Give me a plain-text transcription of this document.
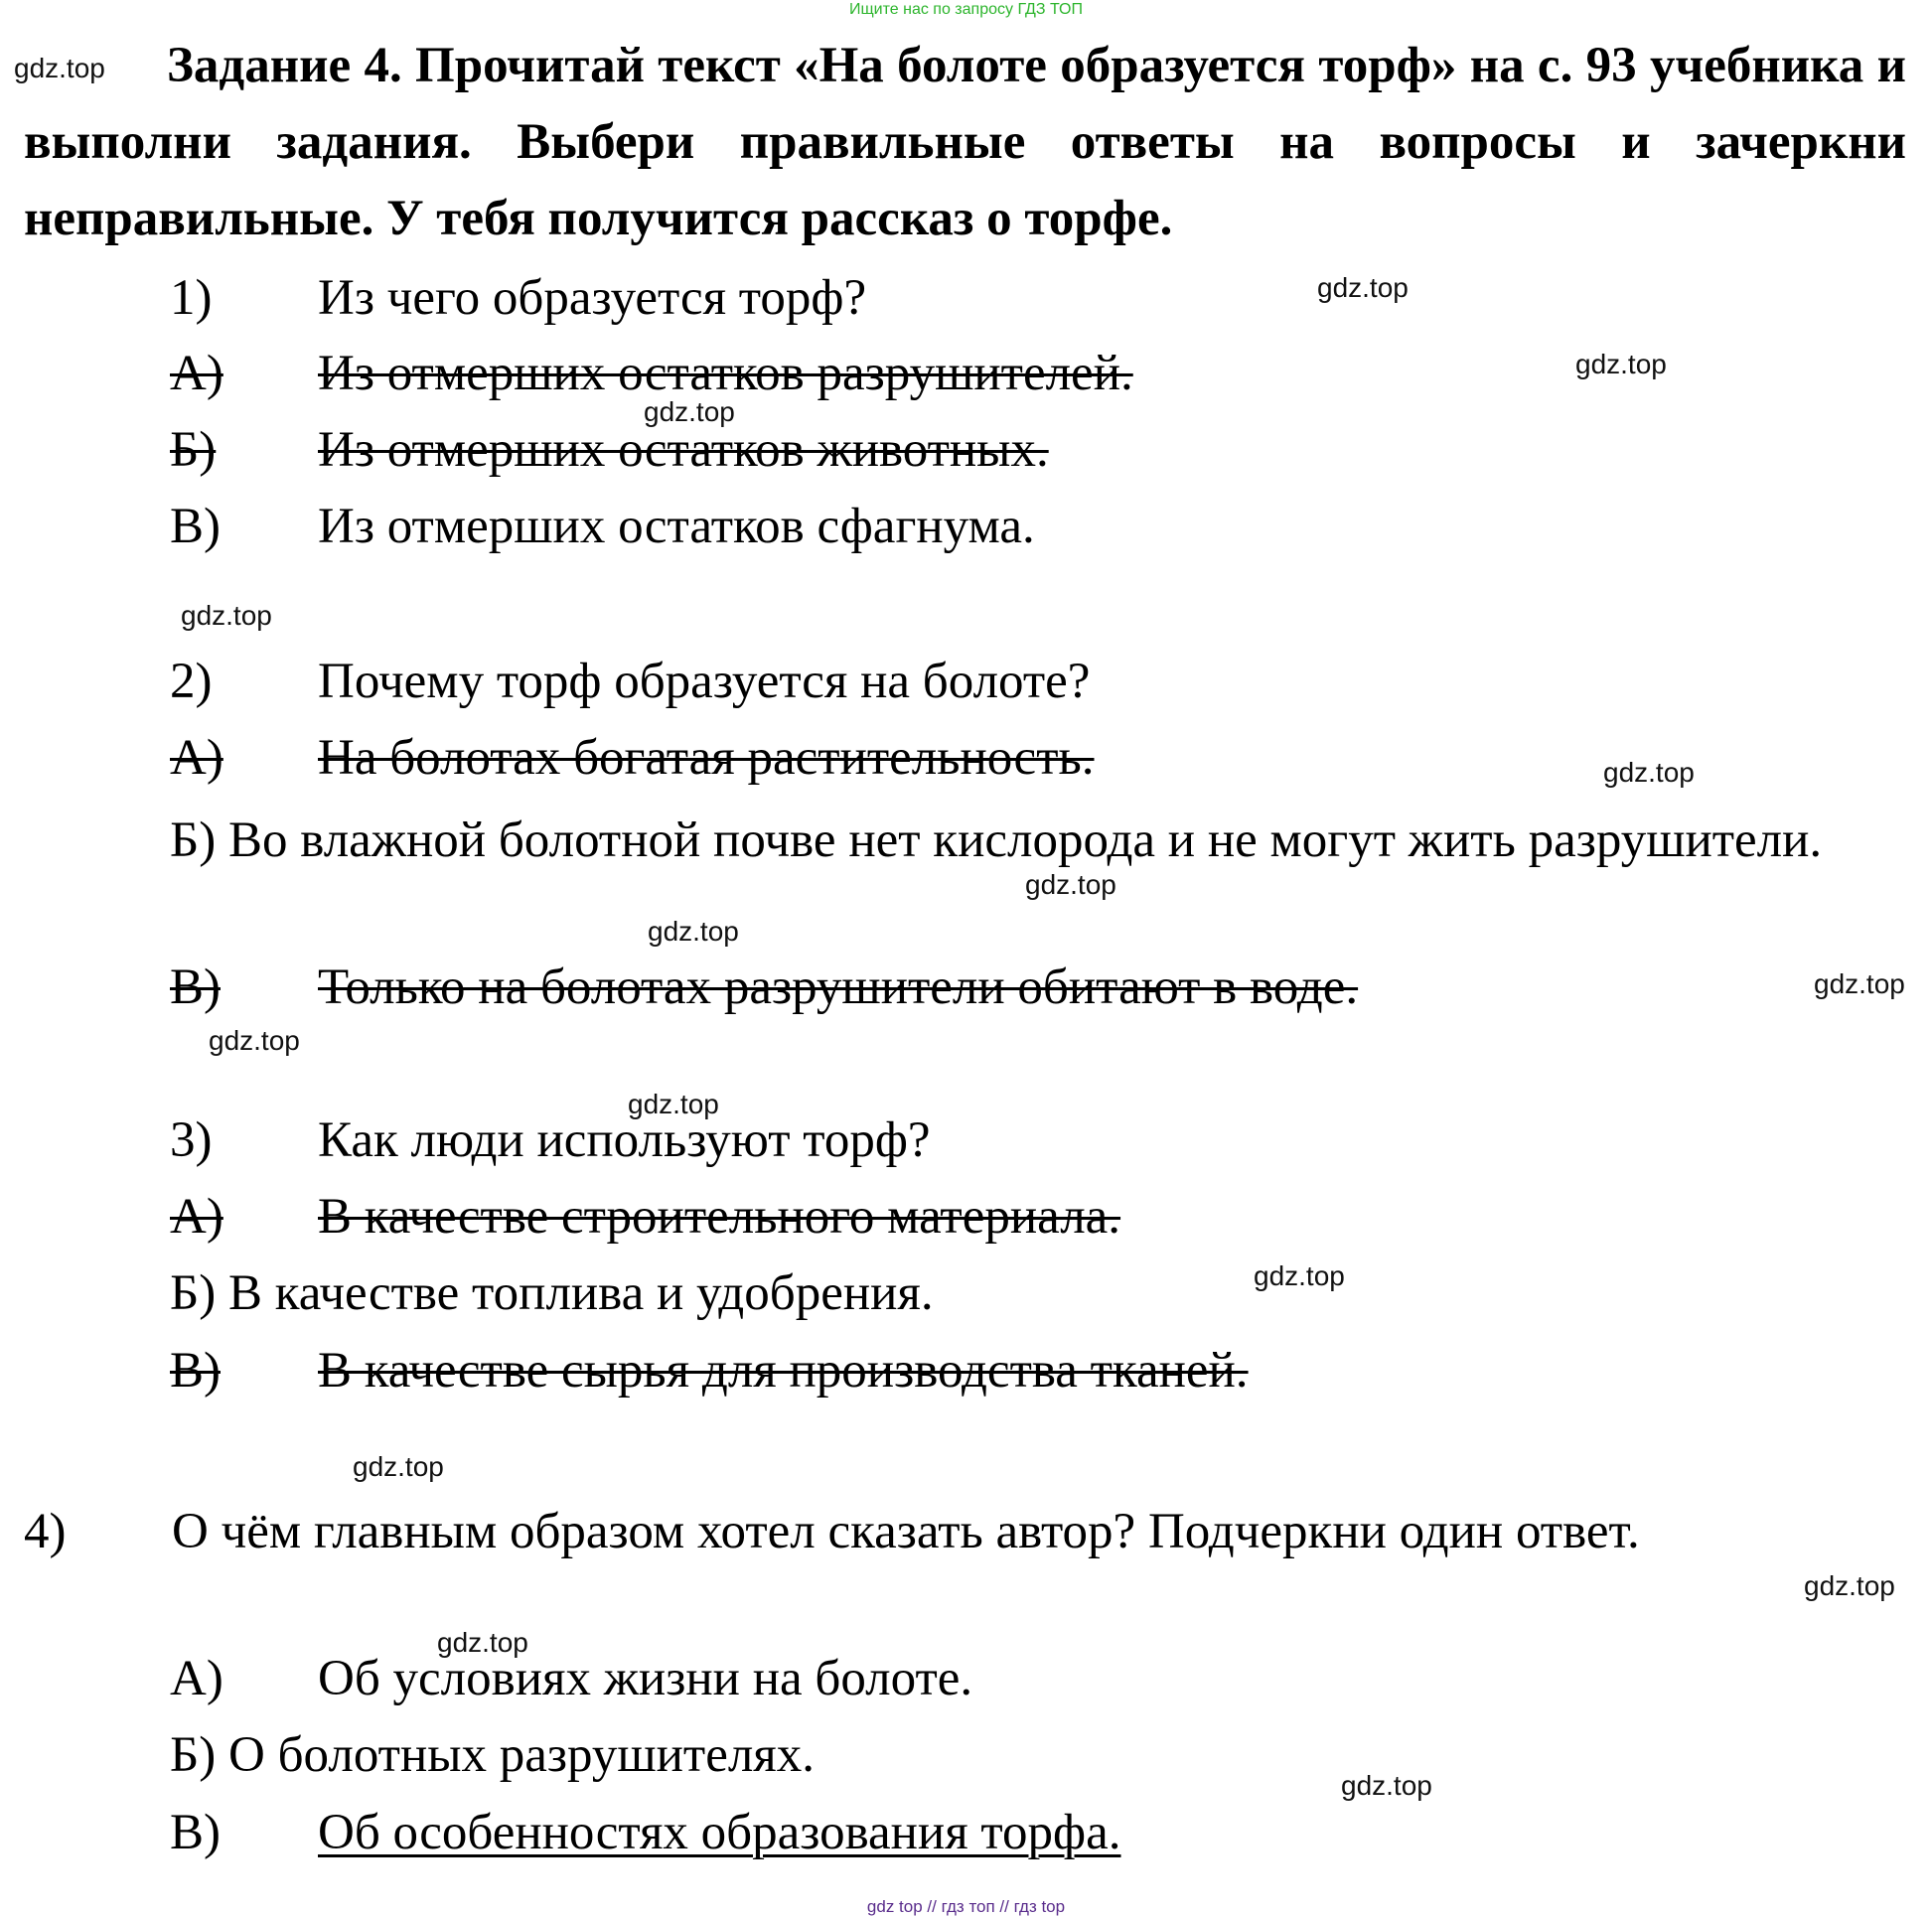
Ищите нас по запросу ГДЗ ТОП
Задание 4. Прочитай текст «На болоте образуется торф» на с. 93 учебника и выполни задания. Выбери правильные ответы на вопросы и зачеркни неправильные. У тебя получится рассказ о торфе.
1) Из чего образуется торф?
А) Из отмерших остатков разрушителей.

Б)
Из отмерших остатков животных.
В) Из отмерших остатков сфагнума.
2) Почему торф образуется на болоте?
А)
На болотах богатая растительность.
Б) Во влажной болотной почве нет кислорода и не могут жить разрушители.
В)
Только на болотах разрушители обитают в воде.
3) Как люди используют торф?
А)
В качестве строительного материала.
Б) В качестве топлива и удобрения.
В)
В качестве сырья для производства тканей.
4) О чём главным образом хотел сказать автор? Подчеркни один ответ.
А) Об условиях жизни на болоте.
Б) О болотных разрушителях.
В) Об особенностях образования торфа.
gdz.top
gdz.top
gdz.top
gdz.top
gdz.top
gdz.top
gdz.top
gdz.top
gdz.top
gdz.top
gdz.top
gdz.top
gdz.top
gdz.top
gdz.top
gdz.top
gdz top // гдз топ // гдз top
